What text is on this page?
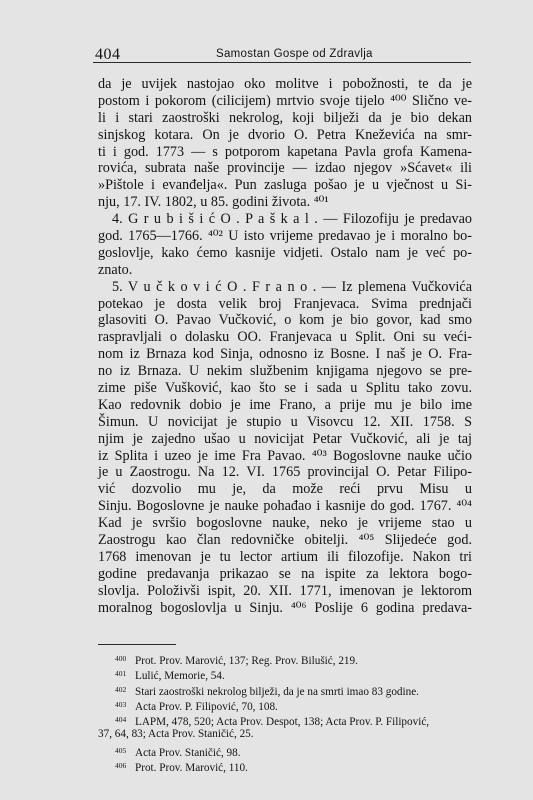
404	Samostan Gospe od Zdravlja
da je uvijek nastojao oko molitve i pobožnosti, te da je
postom i pokorom (cilicijem) mrtvio svoje tijelo ⁴⁰⁰ Slično ve-
li i stari zaostroški nekrolog, koji bilježi da je bio dekan
sinjskog kotara. On je dvorio O. Petra Kneževića na smr-
ti i god. 1773 — s potporom kapetana Pavla grofa Kamena-
rovića, subrata naše provincije — izdao njegov »Sćavet« ili
»Pištole i evanđelja«. Pun zasluga pošao je u vječnost u Si-
nju, 17. IV. 1802, u 85. godini života. ⁴⁰¹
4. G r u b i š i ć O . P a š k a l . — Filozofiju je predavao
god. 1765—1766. ⁴⁰² U isto vrijeme predavao je i moralno bo-
goslovlje, kako ćemo kasnije vidjeti. Ostalo nam je već po-
znato.
5. V u č k o v i ć O . F r a n o . — Iz plemena Vučkovića
potekao je dosta velik broj Franjevaca. Svima prednjači
glasoviti O. Pavao Vučković, o kom je bio govor, kad smo
raspravljali o dolasku OO. Franjevaca u Split. Oni su veći-
nom iz Brnaza kod Sinja, odnosno iz Bosne. I naš je O. Fra-
no iz Brnaza. U nekim službenim knjigama njegovo se pre-
zime piše Vušković, kao što se i sada u Splitu tako zovu.
Kao redovnik dobio je ime Frano, a prije mu je bilo ime
Šimun. U novicijat je stupio u Visovcu 12. XII. 1758. S
njim je zajedno ušao u novicijat Petar Vučković, ali je taj
iz Splita i uzeo je ime Fra Pavao. ⁴⁰³ Bogoslovne nauke učio
je u Zaostrogu. Na 12. VI. 1765 provincijal O. Petar Filipo-
vić dozvolio mu je, da može reći prvu Misu u
Sinju. Bogoslovne je nauke pohađao i kasnije do god. 1767. ⁴⁰⁴
Kad je svršio bogoslovne nauke, neko je vrijeme stao u
Zaostrogu kao član redovničke obitelji. ⁴⁰⁵ Slijedeće god.
1768 imenovan je tu lector artium ili filozofije. Nakon tri
godine predavanja prikazao se na ispite za lektora bogo-
slovlja. Položivši ispit, 20. XII. 1771, imenovan je lektorom
moralnog bogoslovlja u Sinju. ⁴⁰⁶ Poslije 6 godina predava-
400 Prot. Prov. Marović, 137; Reg. Prov. Bilušić, 219.
401 Lulić, Memorie, 54.
402 Stari zaostroški nekrolog bilježi, da je na smrti imao 83 godine.
403 Acta Prov. P. Filipović, 70, 108.
404 LAPM, 478, 520; Acta Prov. Despot, 138; Acta Prov. P. Filipović,
37, 64, 83; Acta Prov. Staničić, 25.
405 Acta Prov. Staničić, 98.
406 Prot. Prov. Marović, 110.
